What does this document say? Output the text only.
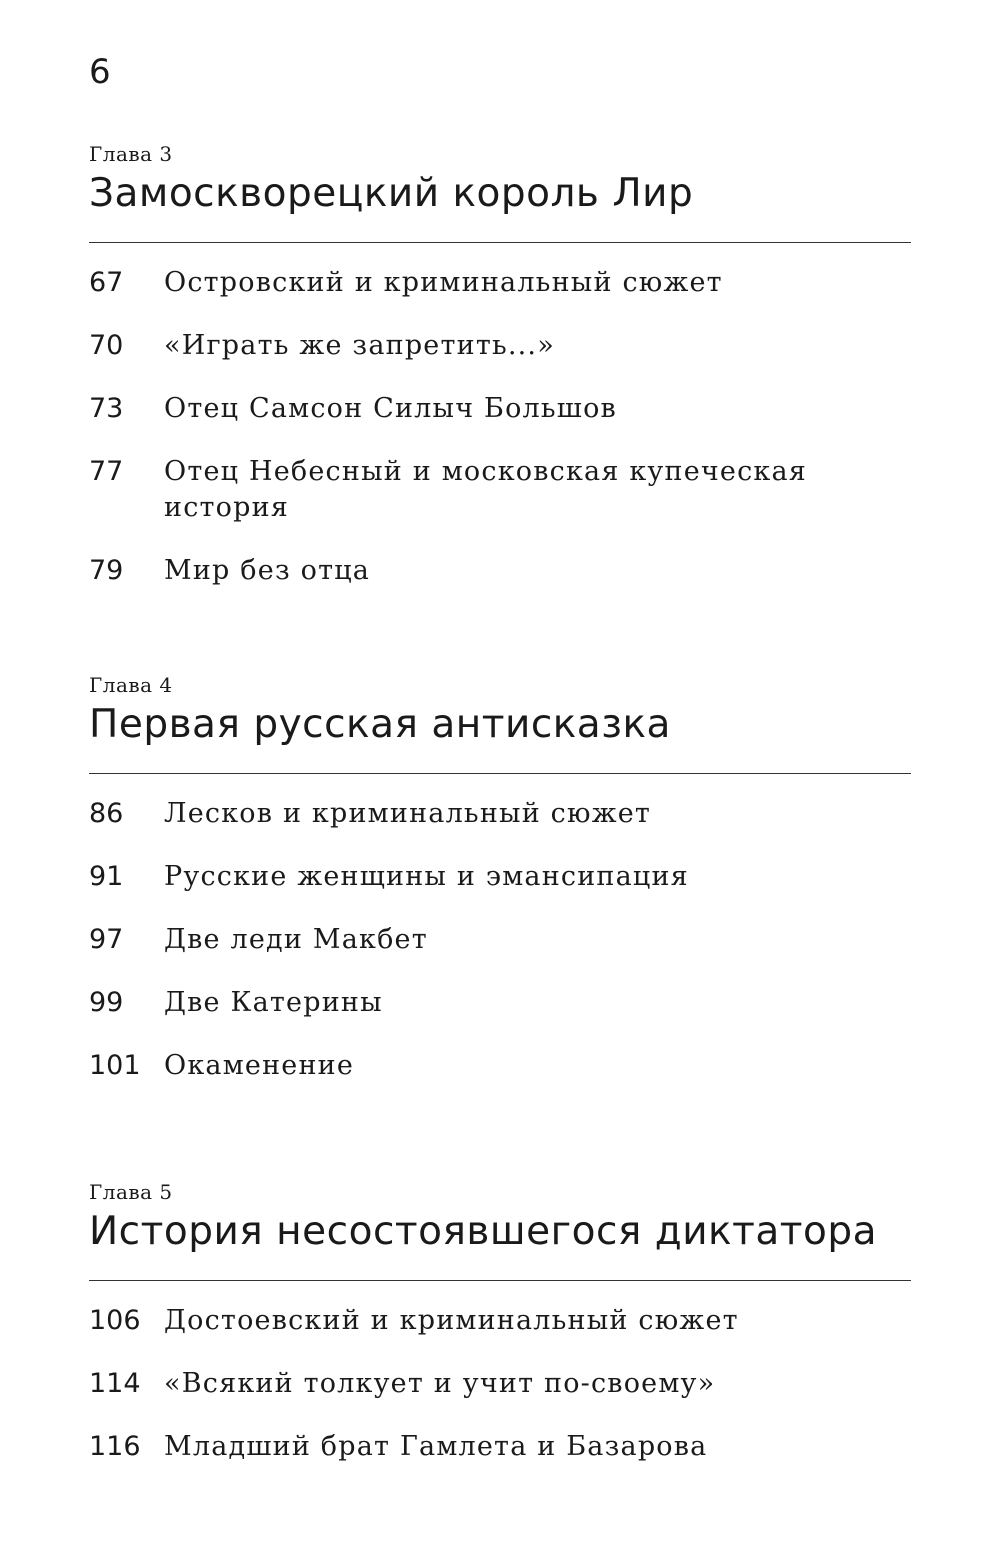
6
Глава 3
Замоскворецкий король Лир
67	Островский и криминальный сюжет
70	«Играть же запретить...»
73	Отец Самсон Силыч Большов
77	Отец Небесный и московская купеческая история
79	Мир без отца
Глава 4
Первая русская антисказка
86	Лесков и криминальный сюжет
91	Русские женщины и эмансипация
97	Две леди Макбет
99	Две Катерины
101 Окаменение
Глава 5
История несостоявшегося диктатора
106 Достоевский и криминальный сюжет
114 «Всякий толкует и учит по-своему»
116 Младший брат Гамлета и Базарова
